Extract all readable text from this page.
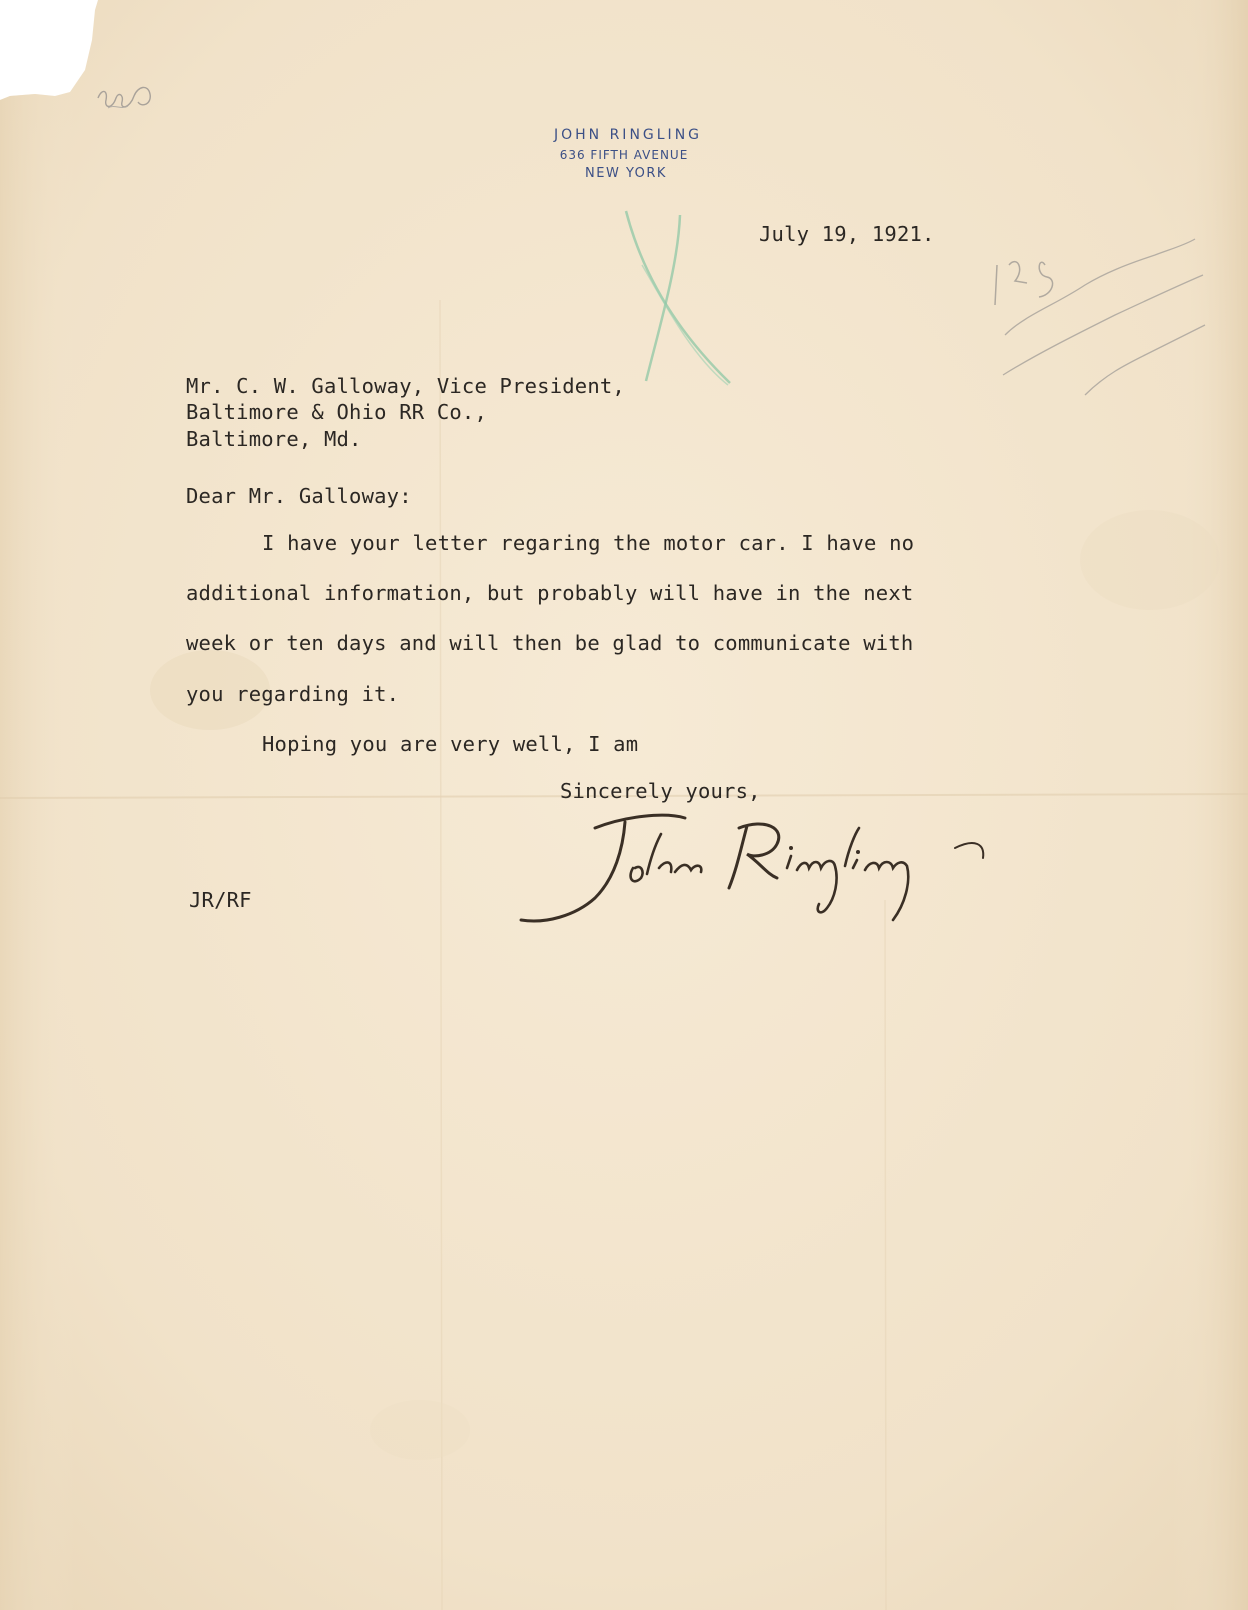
JOHN RINGLING
636 FIFTH AVENUE
NEW YORK
July 19, 1921.
Mr. C. W. Galloway, Vice President,
Baltimore & Ohio RR Co.,
Baltimore, Md.
Dear Mr. Galloway:
I have your letter regaring the motor car. I have no
additional information, but probably will have in the next
week or ten days and will then be glad to communicate with
you regarding it.
Hoping you are very well, I am
Sincerely yours,
JR/RF
